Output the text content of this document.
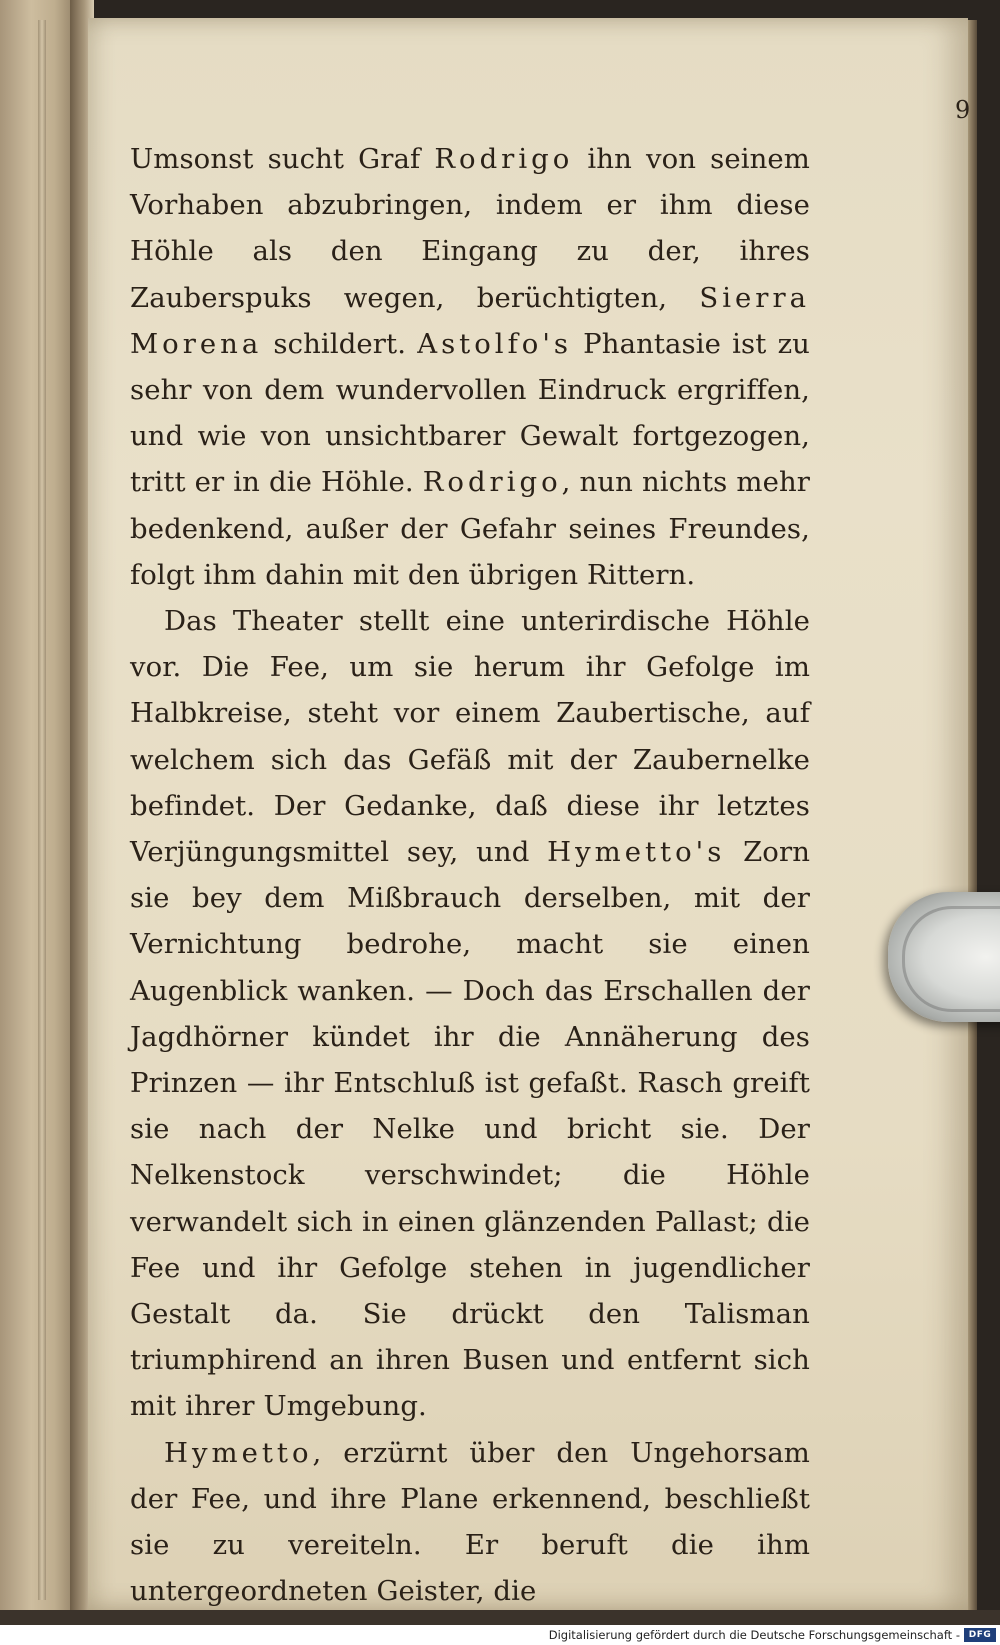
9

Umsonst sucht Graf Rodrigo ihn von seinem Vorhaben abzubringen, indem er ihm diese Höhle als den Eingang zu der, ihres Zauberspuks wegen, berüchtigten, Sierra Morena schildert. Astolfo's Phantasie ist zu sehr von dem wundervollen Eindruck ergriffen, und wie von unsichtbarer Gewalt fortgezogen, tritt er in die Höhle. Rodrigo, nun nichts mehr bedenkend, außer der Gefahr seines Freundes, folgt ihm dahin mit den übrigen Rittern.

Das Theater stellt eine unterirdische Höhle vor. Die Fee, um sie herum ihr Gefolge im Halbkreise, steht vor einem Zaubertische, auf welchem sich das Gefäß mit der Zaubernelke befindet. Der Gedanke, daß diese ihr letztes Verjüngungsmittel sey, und Hymetto's Zorn sie bey dem Mißbrauch derselben, mit der Vernichtung bedrohe, macht sie einen Augenblick wanken. — Doch das Erschallen der Jagdhörner kündet ihr die Annäherung des Prinzen — ihr Entschluß ist gefaßt. Rasch greift sie nach der Nelke und bricht sie. Der Nelkenstock verschwindet; die Höhle verwandelt sich in einen glänzenden Pallast; die Fee und ihr Gefolge stehen in jugendlicher Gestalt da. Sie drückt den Talisman triumphirend an ihren Busen und entfernt sich mit ihrer Umgebung.

Hymetto, erzürnt über den Ungehorsam der Fee, und ihre Plane erkennend, beschließt sie zu vereiteln. Er beruft die ihm untergeordneten Geister, die

Digitalisierung gefördert durch die Deutsche Forschungsgemeinschaft - DFG
